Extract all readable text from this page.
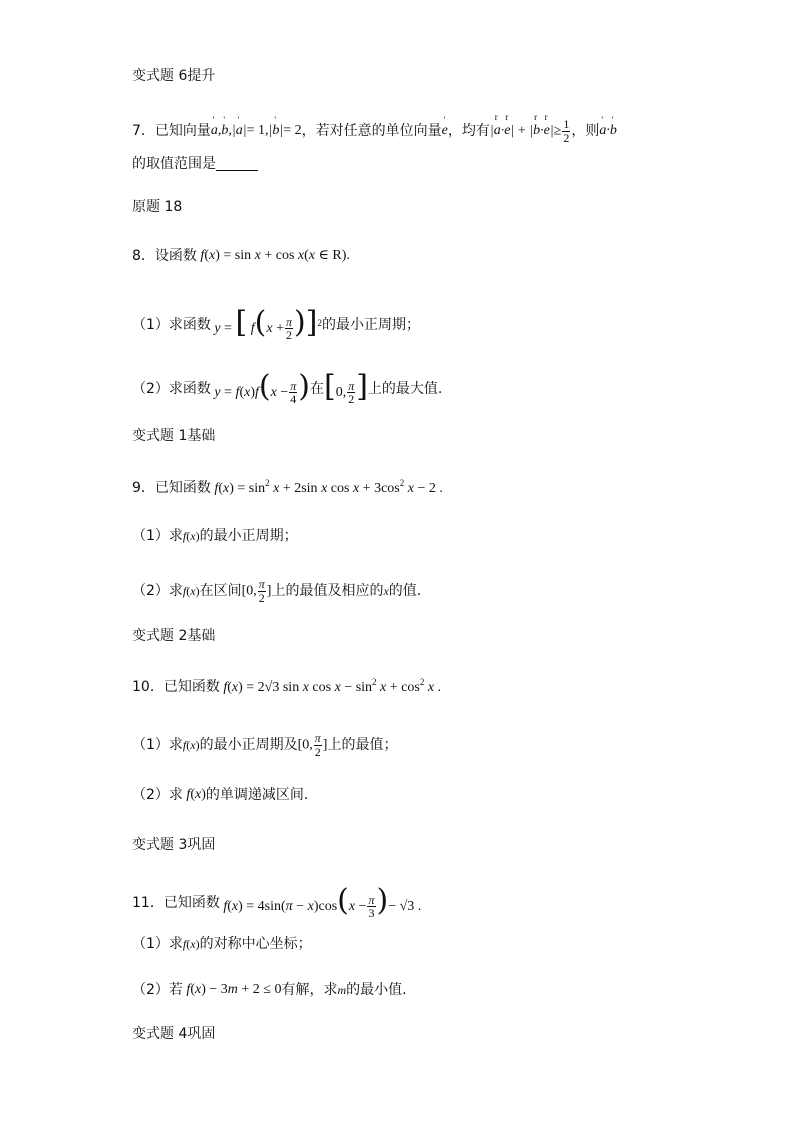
变式题 6提升
7．已知向量 ' a,' b,|' a|= 1,|' b|= 2 ，若对任意的单位向量 ' e ，均有 |r a·r e| + |r b·r $e|\ge \frac{1}{2}$ ，则 ' a·' b
的取值范围是
原题 18
8．设函数 f(x) = sin x + cos x(x ∈ R).
（1）求函数 y = [ $f(x + \frac{\pi}{2} )]^2$ 的最小正周期；
（2）求函数 $y = f(x)f(x - \frac{\pi}{4}$ ) 在 [0, $\frac{\pi}{2}$ ] 上的最大值.
变式题 1基础
9．已知函数 $f(x) = \sin^2 x + 2\sin$ x $\cos x + 3\cos^2$ x − 2 .
（1）求 f(x) 的最小正周期；
（2）求 f(x) 在区间 [0, $\frac{\pi}{2}$ ] 上的最值及相应的 x 的值.
变式题 2基础
10．已知函数 f(x) = 2√3 sin x $\cos x - \sin^2 x + \cos^2 x$ .
（1）求 f(x) 的最小正周期及 [0, $\frac{\pi}{2}$ ] 上的最值；
（2）求 f(x) 的单调递减区间.
变式题 3巩固
11．已知函数 $f(x) = 4\sin(\pi - x)\cos(x - \frac{\pi}{3}$ )− √3 .
（1）求 f(x) 的对称中心坐标；
（2）若 f(x) − 3m + 2 ≤ 0 有解，求 m 的最小值.
变式题 4巩固
